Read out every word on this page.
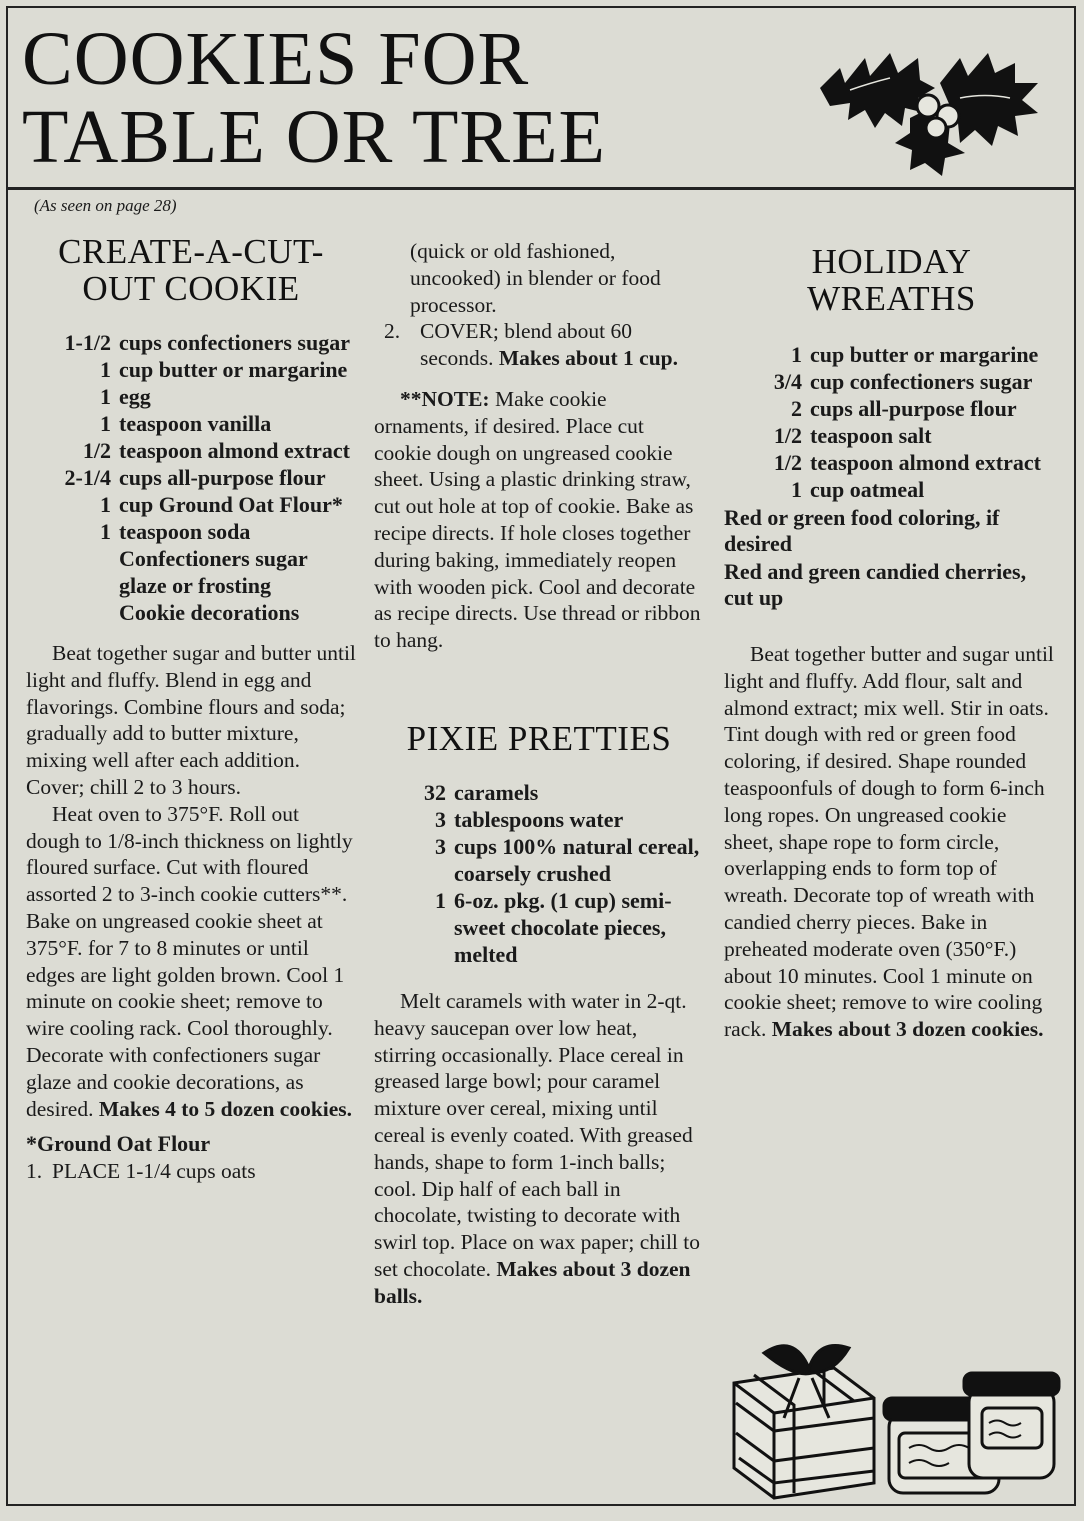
COOKIES FOR
TABLE OR TREE
(As seen on page 28)
CREATE-A-CUT-
OUT COOKIE
1-1/2 cups confectioners sugar
1 cup butter or margarine
1 egg
1 teaspoon vanilla
1/2 teaspoon almond extract
2-1/4 cups all-purpose flour
1 cup Ground Oat Flour*
1 teaspoon soda
Confectioners sugar glaze or frosting
Cookie decorations

Beat together sugar and butter until light and fluffy. Blend in egg and flavorings. Combine flours and soda; gradually add to butter mixture, mixing well after each addition. Cover; chill 2 to 3 hours.

Heat oven to 375°F. Roll out dough to 1/8-inch thickness on lightly floured surface. Cut with floured assorted 2 to 3-inch cookie cutters**. Bake on ungreased cookie sheet at 375°F. for 7 to 8 minutes or until edges are light golden brown. Cool 1 minute on cookie sheet; remove to wire cooling rack. Cool thoroughly. Decorate with confectioners sugar glaze and cookie decorations, as desired. Makes 4 to 5 dozen cookies.

*Ground Oat Flour
1. PLACE 1-1/4 cups oats

(quick or old fashioned, uncooked) in blender or food processor.

2. COVER; blend about 60 seconds. Makes about 1 cup.

**NOTE: Make cookie ornaments, if desired. Place cut cookie dough on ungreased cookie sheet. Using a plastic drinking straw, cut out hole at top of cookie. Bake as recipe directs. If hole closes together during baking, immediately reopen with wooden pick. Cool and decorate as recipe directs. Use thread or ribbon to hang.

PIXIE PRETTIES
32 caramels
3 tablespoons water
3 cups 100% natural cereal, coarsely crushed
1 6-oz. pkg. (1 cup) semi-sweet chocolate pieces, melted

Melt caramels with water in 2-qt. heavy saucepan over low heat, stirring occasionally. Place cereal in greased large bowl; pour caramel mixture over cereal, mixing until cereal is evenly coated. With greased hands, shape to form 1-inch balls; cool. Dip half of each ball in chocolate, twisting to decorate with swirl top. Place on wax paper; chill to set chocolate. Makes about 3 dozen balls.

HOLIDAY
WREATHS
1 cup butter or margarine
3/4 cup confectioners sugar
2 cups all-purpose flour
1/2 teaspoon salt
1/2 teaspoon almond extract
1 cup oatmeal
Red or green food coloring, if desired
Red and green candied cherries, cut up

Beat together butter and sugar until light and fluffy. Add flour, salt and almond extract; mix well. Stir in oats. Tint dough with red or green food coloring, if desired. Shape rounded teaspoonfuls of dough to form 6-inch long ropes. On ungreased cookie sheet, shape rope to form circle, overlapping ends to form top of wreath. Decorate top of wreath with candied cherry pieces. Bake in preheated moderate oven (350°F.) about 10 minutes. Cool 1 minute on cookie sheet; remove to wire cooling rack. Makes about 3 dozen cookies.
